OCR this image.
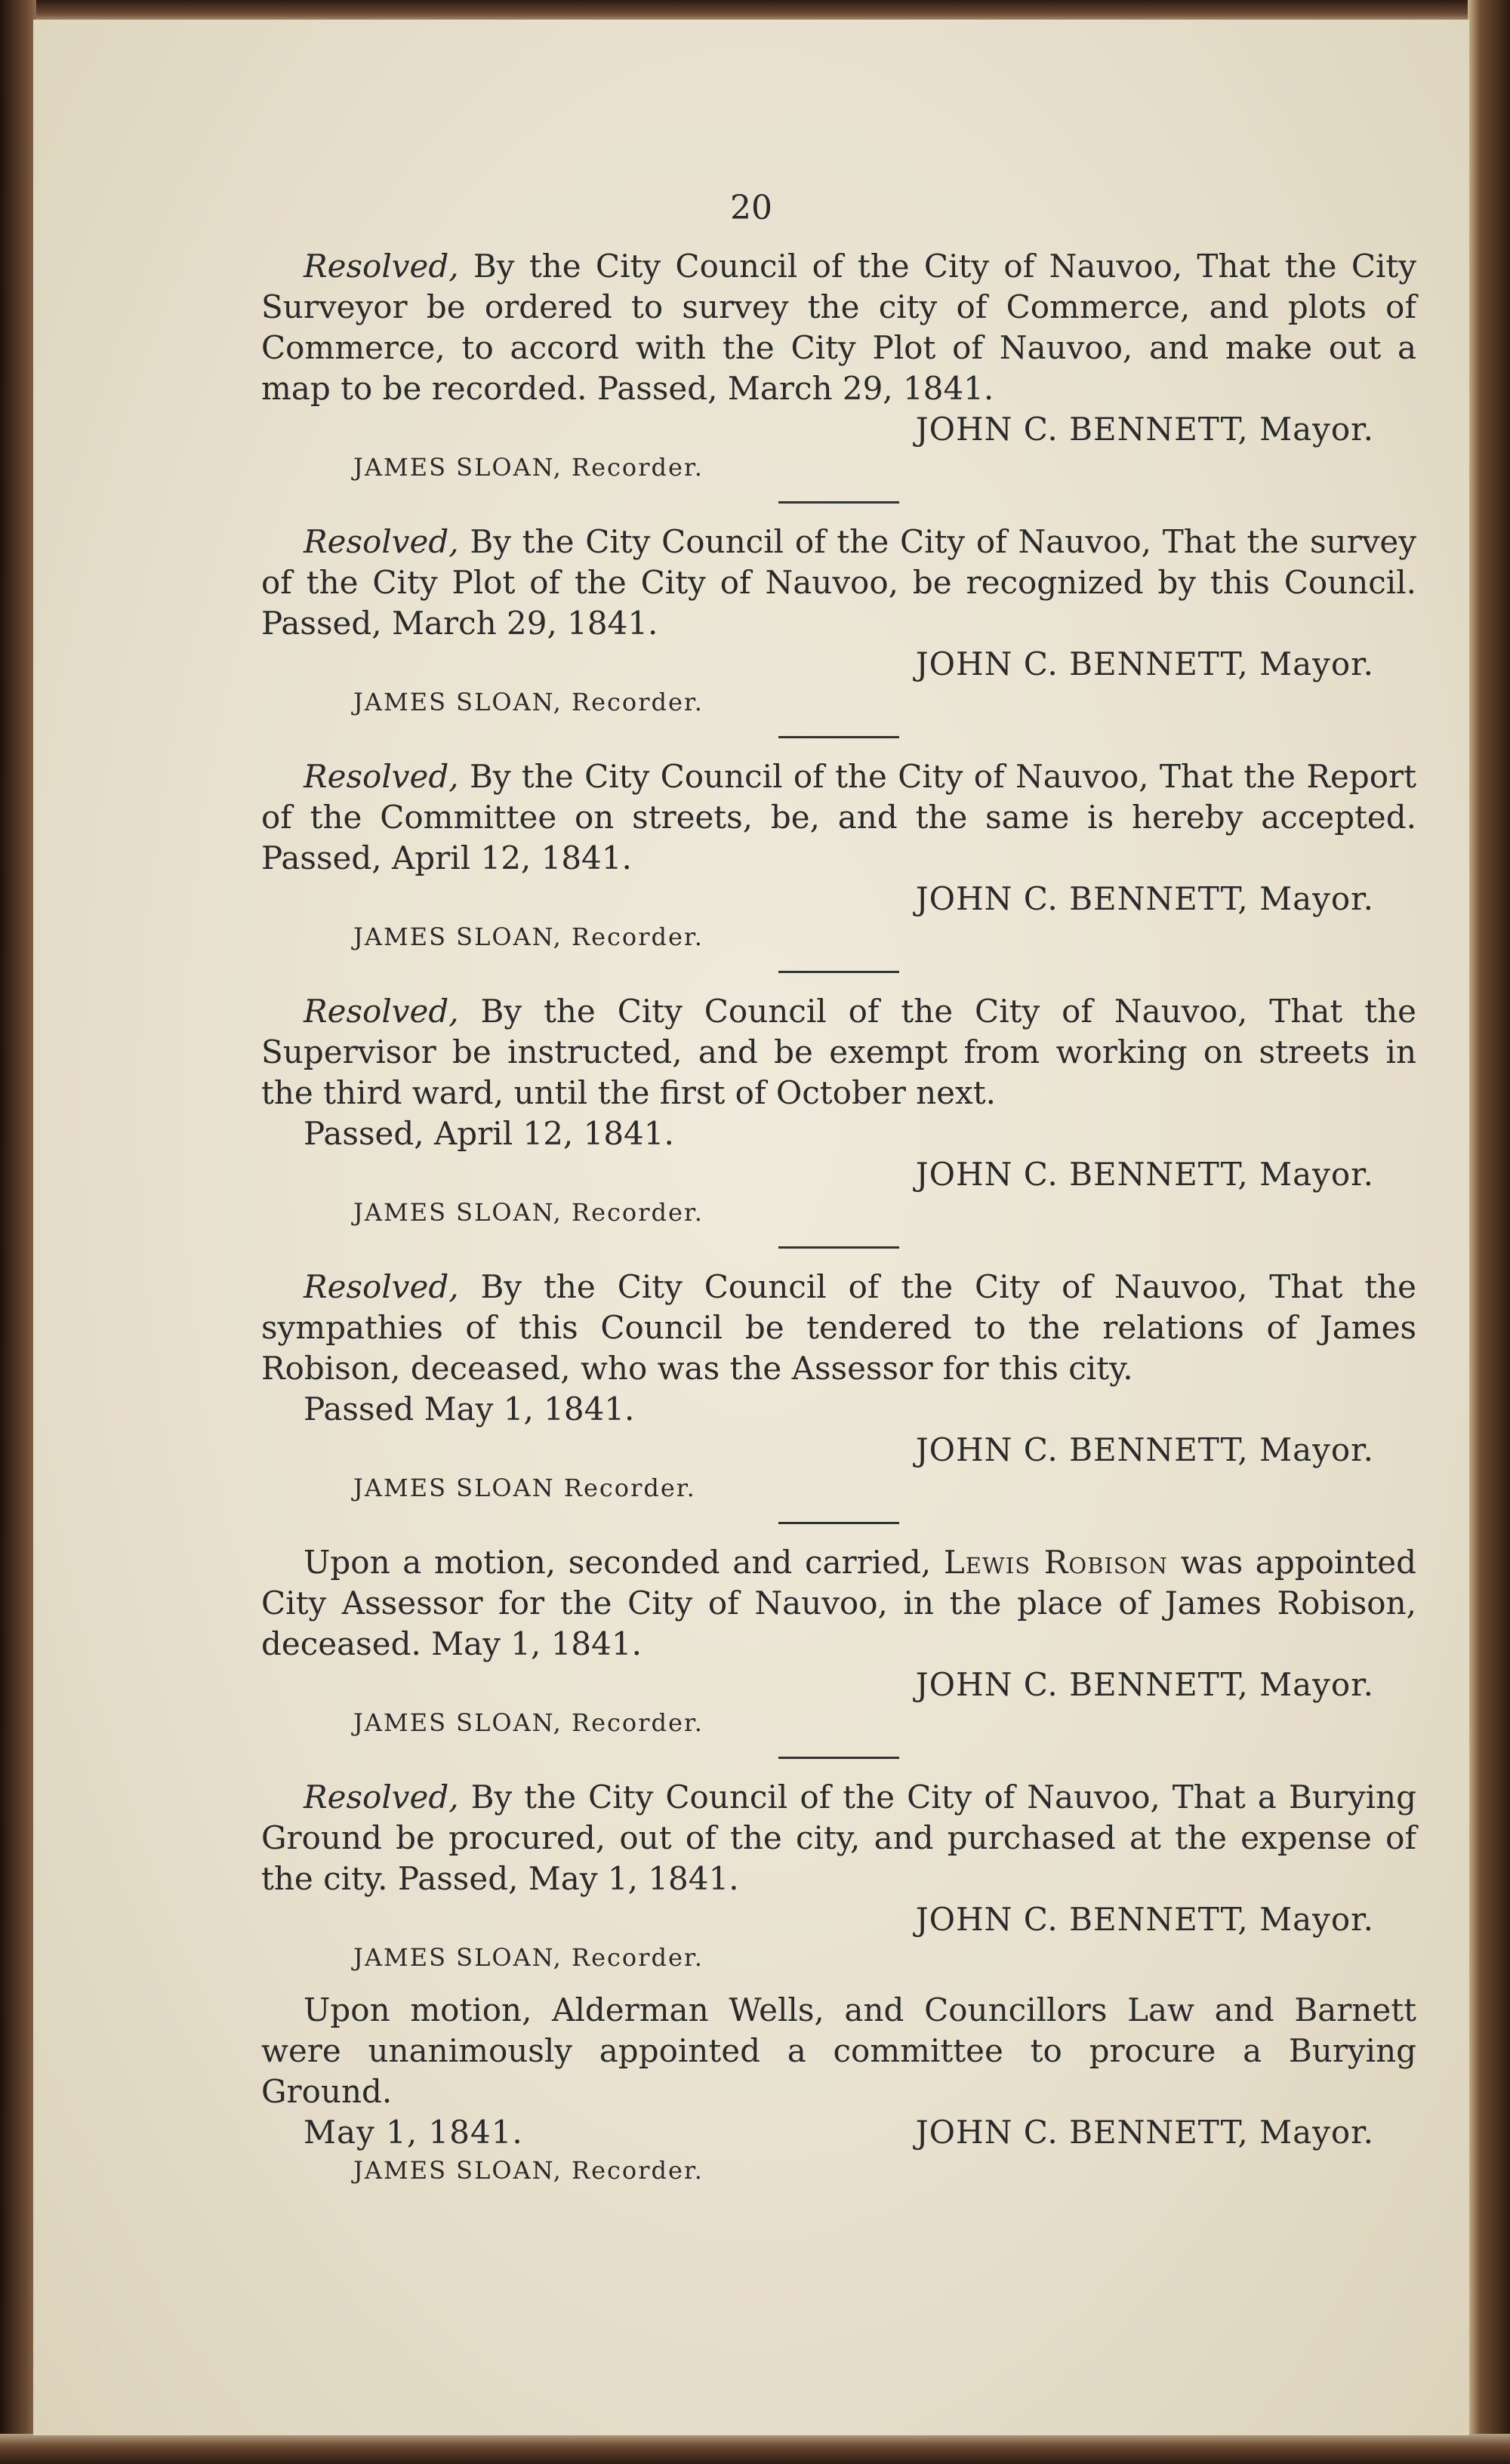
20

Resolved, By the City Council of the City of Nauvoo, That the City Surveyor be ordered to survey the city of Commerce, and plots of Commerce, to accord with the City Plot of Nauvoo, and make out a map to be recorded. Passed, March 29, 1841.

JOHN C. BENNETT, Mayor.

JAMES SLOAN, Recorder.

Resolved, By the City Council of the City of Nauvoo, That the survey of the City Plot of the City of Nauvoo, be recognized by this Council. Passed, March 29, 1841.

JOHN C. BENNETT, Mayor.

JAMES SLOAN, Recorder.

Resolved, By the City Council of the City of Nauvoo, That the Report of the Committee on streets, be, and the same is hereby accepted. Passed, April 12, 1841.

JOHN C. BENNETT, Mayor.

JAMES SLOAN, Recorder.

Resolved, By the City Council of the City of Nauvoo, That the Supervisor be instructed, and be exempt from working on streets in the third ward, until the first of October next.

Passed, April 12, 1841.

JOHN C. BENNETT, Mayor.

JAMES SLOAN, Recorder.

Resolved, By the City Council of the City of Nauvoo, That the sympathies of this Council be tendered to the relations of James Robison, deceased, who was the Assessor for this city.

Passed May 1, 1841.

JOHN C. BENNETT, Mayor.

JAMES SLOAN Recorder.

Upon a motion, seconded and carried, Lewis Robison was appointed City Assessor for the City of Nauvoo, in the place of James Robison, deceased. May 1, 1841.

JOHN C. BENNETT, Mayor.

JAMES SLOAN, Recorder.

Resolved, By the City Council of the City of Nauvoo, That a Burying Ground be procured, out of the city, and purchased at the expense of the city. Passed, May 1, 1841.

JOHN C. BENNETT, Mayor.

JAMES SLOAN, Recorder.

Upon motion, Alderman Wells, and Councillors Law and Barnett were unanimously appointed a committee to procure a Burying Ground.

May 1, 1841.	JOHN C. BENNETT, Mayor.

JAMES SLOAN, Recorder.
